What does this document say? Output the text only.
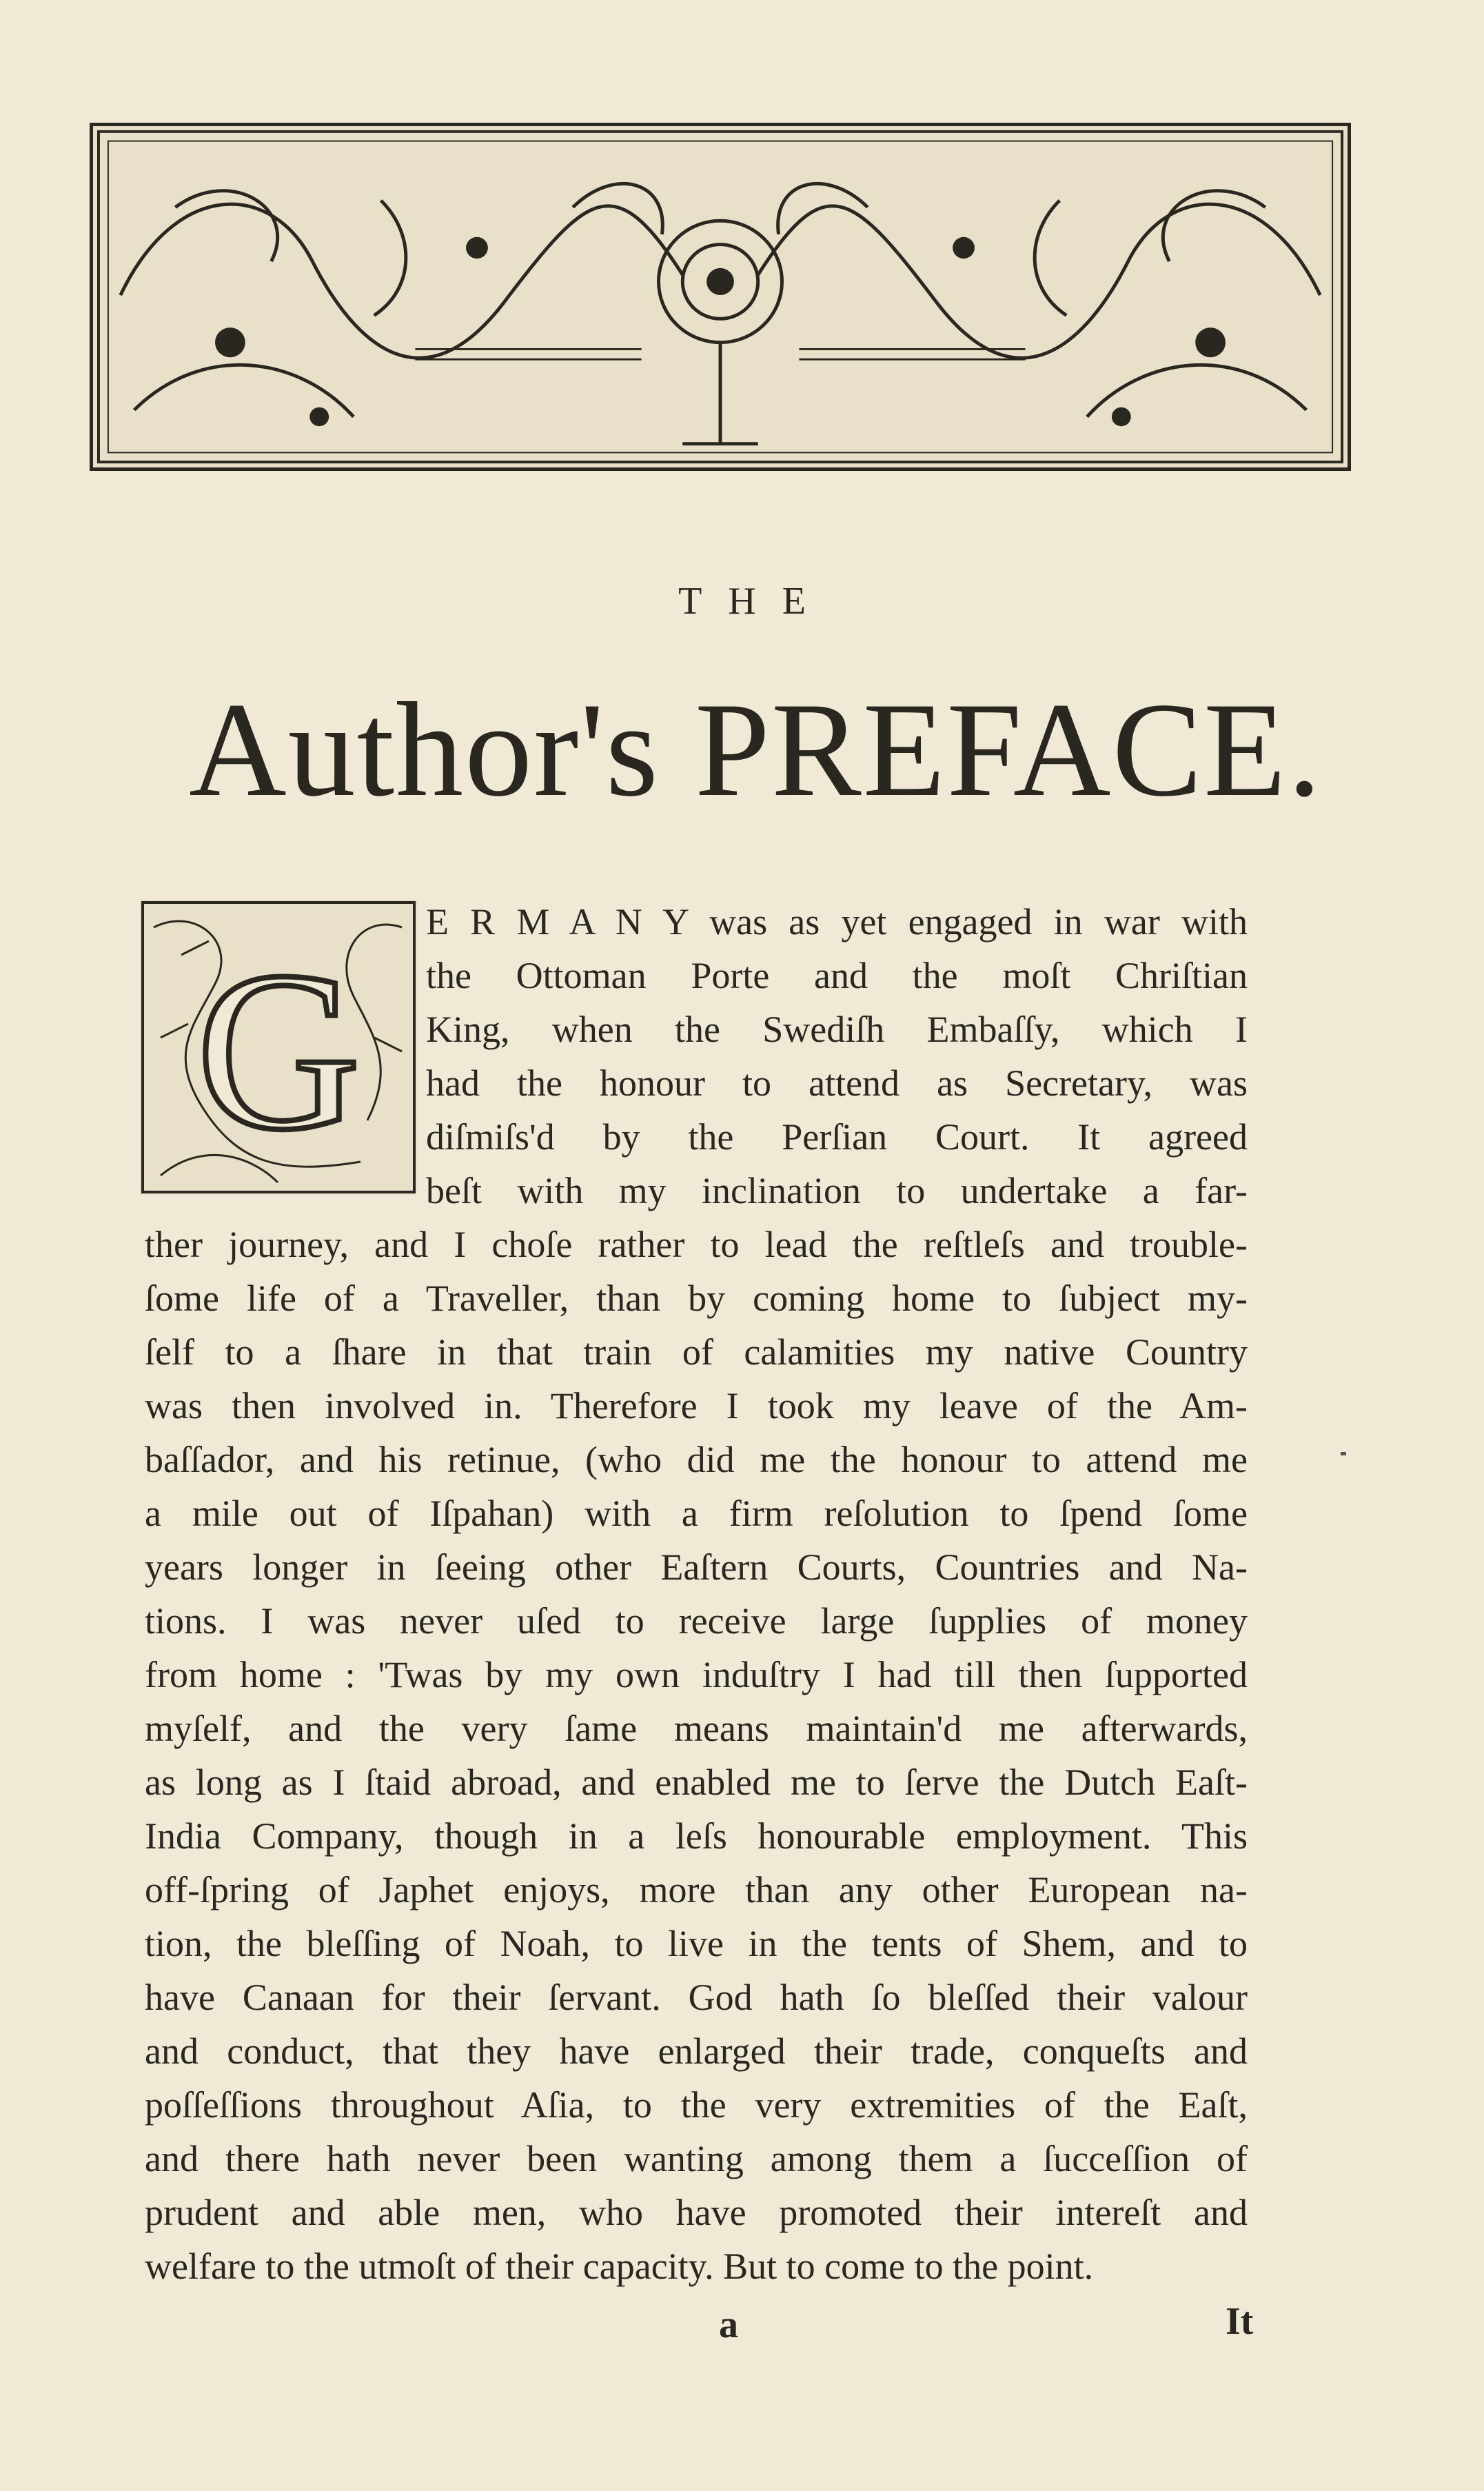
THE
Author's PREFACE.
G
E R M A N Y was as yet engaged in war with
the Ottoman Porte and the moſt Chriſtian
King, when the Swediſh Embaſſy, which I
had the honour to attend as Secretary, was
diſmiſs'd by the Perſian Court. It agreed
beſt with my inclination to undertake a far-
ther journey, and I choſe rather to lead the reſtleſs and trouble-
ſome life of a Traveller, than by coming home to ſubject my-
ſelf to a ſhare in that train of calamities my native Country
was then involved in. Therefore I took my leave of the Am-
baſſador, and his retinue, (who did me the honour to attend me
a mile out of Iſpahan) with a firm reſolution to ſpend ſome
years longer in ſeeing other Eaſtern Courts, Countries and Na-
tions. I was never uſed to receive large ſupplies of money
from home : 'Twas by my own induſtry I had till then ſupported
myſelf, and the very ſame means maintain'd me afterwards,
as long as I ſtaid abroad, and enabled me to ſerve the Dutch Eaſt-
India Company, though in a leſs honourable employment. This
off-ſpring of Japhet enjoys, more than any other European na-
tion, the bleſſing of Noah, to live in the tents of Shem, and to
have Canaan for their ſervant. God hath ſo bleſſed their valour
and conduct, that they have enlarged their trade, conqueſts and
poſſeſſions throughout Aſia, to the very extremities of the Eaſt,
and there hath never been wanting among them a ſucceſſion of
prudent and able men, who have promoted their intereſt and
welfare to the utmoſt of their capacity. But to come to the point.
a	It
